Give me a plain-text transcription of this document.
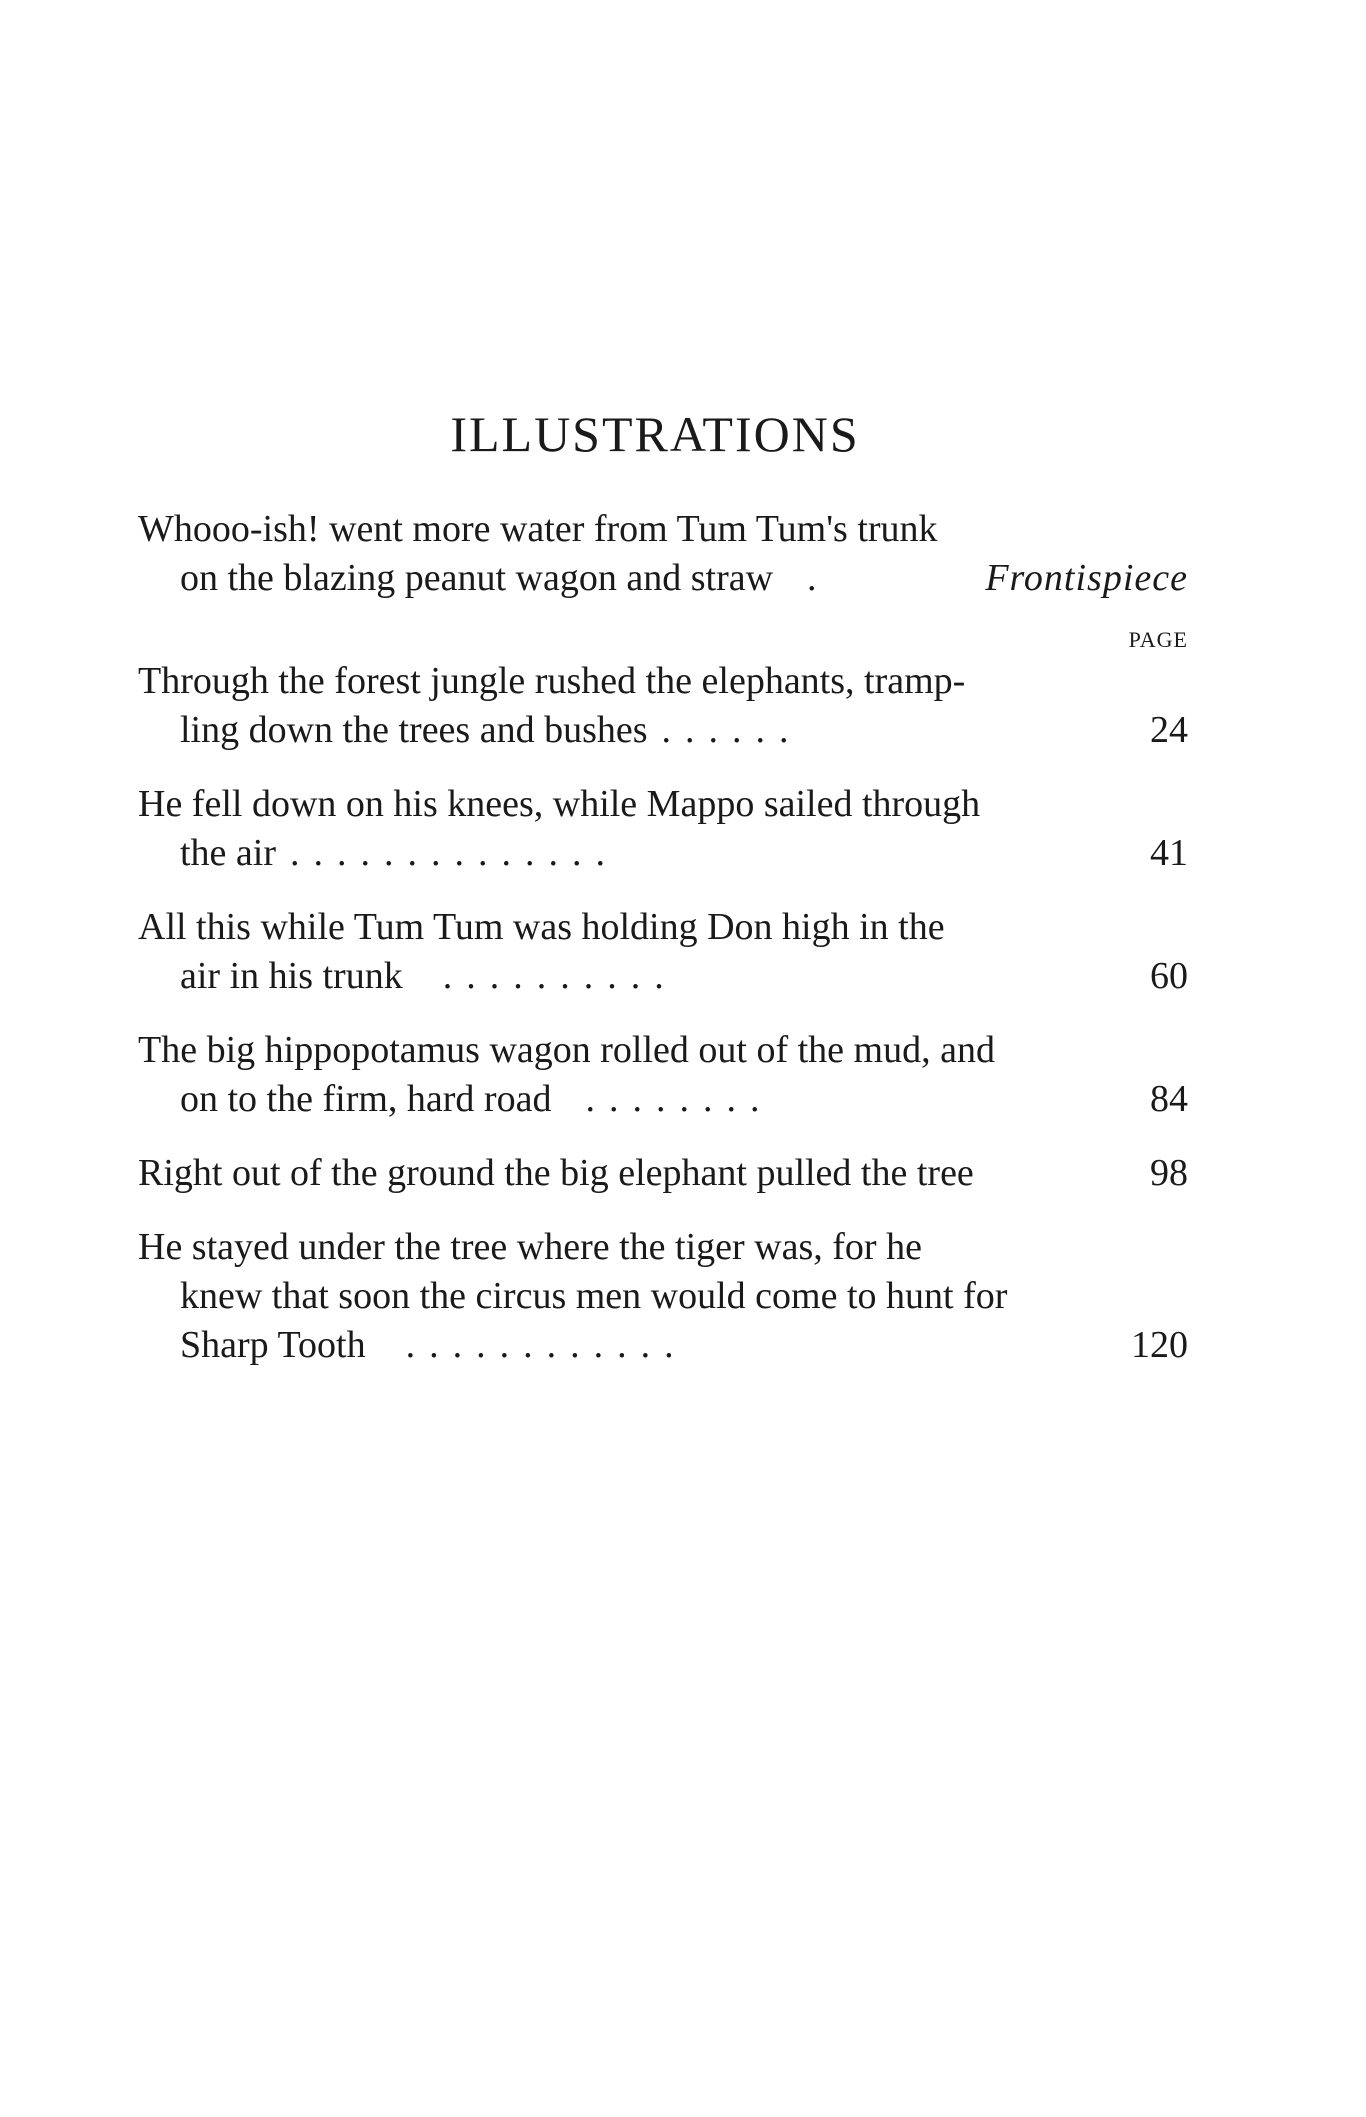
ILLUSTRATIONS
Whooo-ish! went more water from Tum Tum's trunk
on the blazing peanut wagon and straw .	Frontispiece
PAGE
Through the forest jungle rushed the elephants, tramp-
ling down the trees and bushes ......	24
He fell down on his knees, while Mappo sailed through
the air ..............	41
All this while Tum Tum was holding Don high in the
air in his trunk ..........	60
The big hippopotamus wagon rolled out of the mud, and
on to the firm, hard road ........	84
Right out of the ground the big elephant pulled the tree	98
He stayed under the tree where the tiger was, for he
knew that soon the circus men would come to hunt for
Sharp Tooth ............	120
